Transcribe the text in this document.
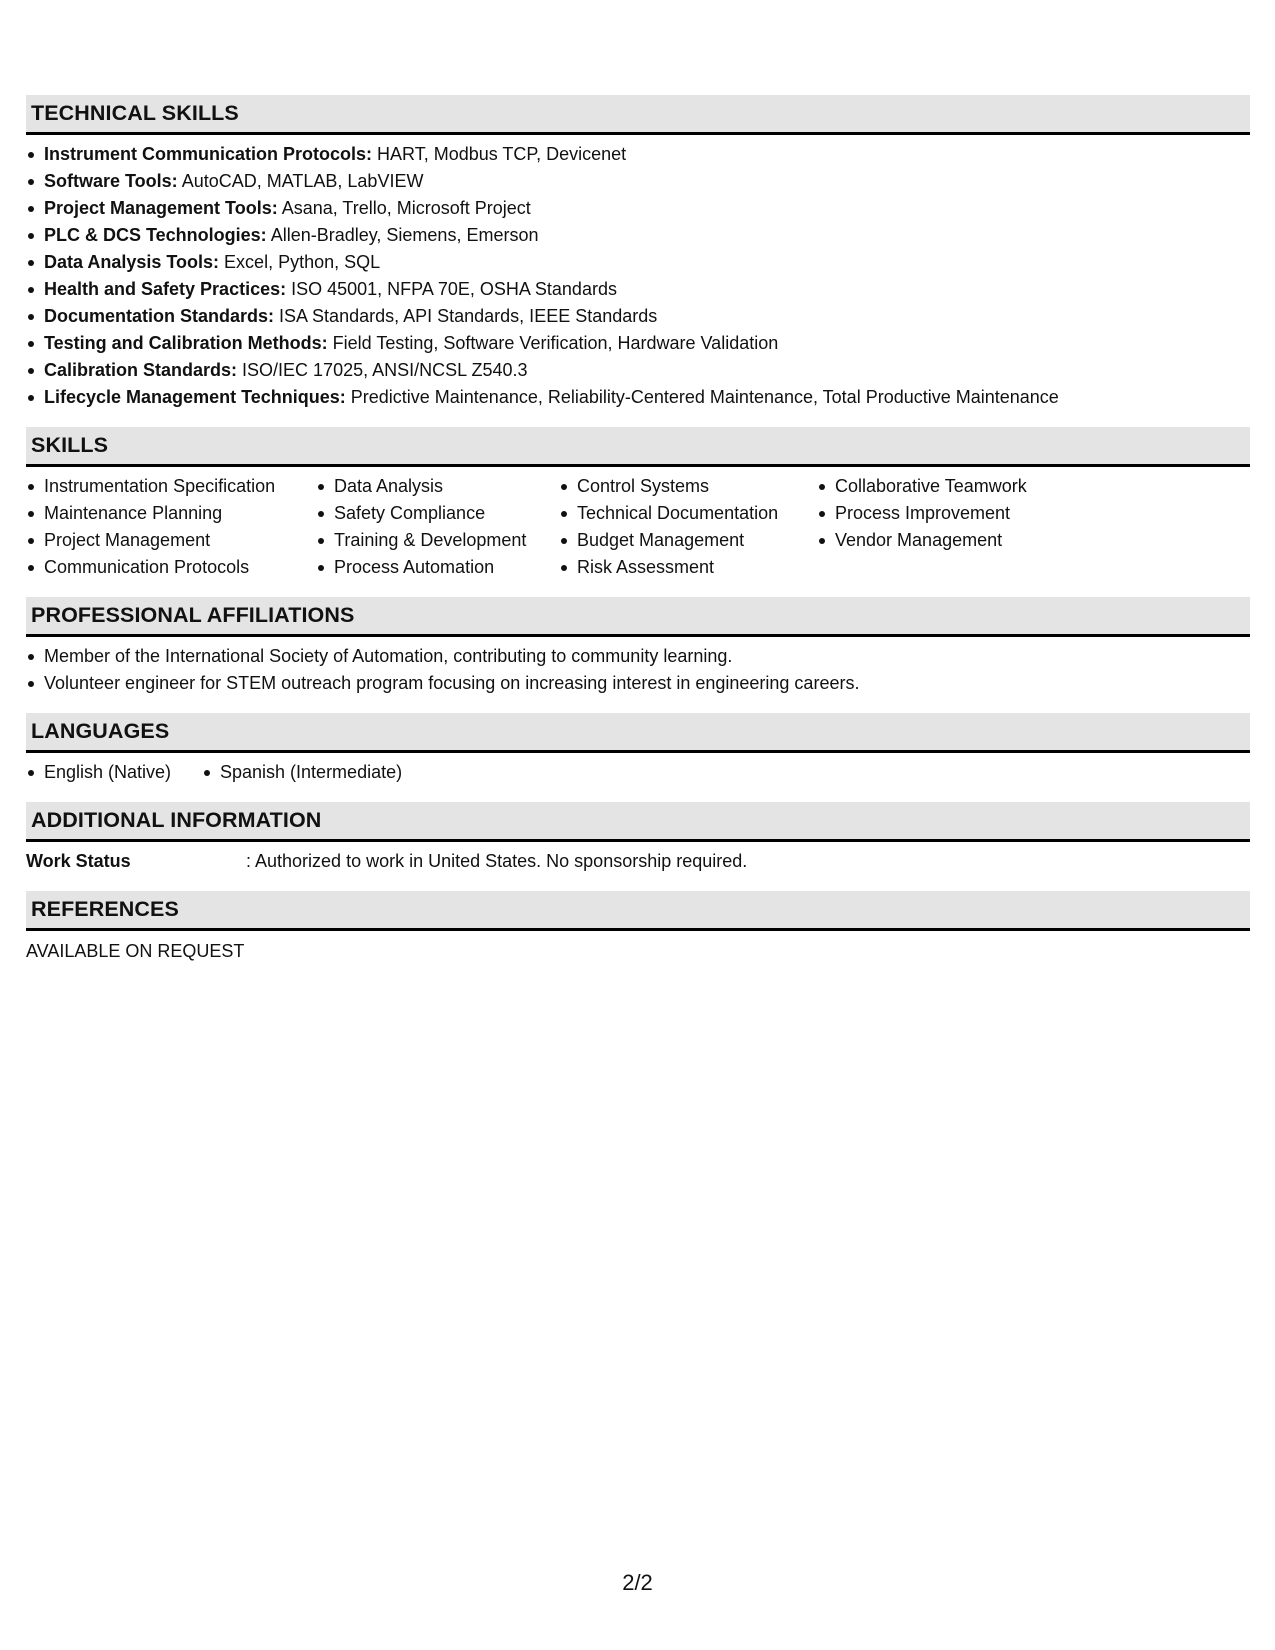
TECHNICAL SKILLS
Instrument Communication Protocols: HART, Modbus TCP, Devicenet
Software Tools: AutoCAD, MATLAB, LabVIEW
Project Management Tools: Asana, Trello, Microsoft Project
PLC & DCS Technologies: Allen-Bradley, Siemens, Emerson
Data Analysis Tools: Excel, Python, SQL
Health and Safety Practices: ISO 45001, NFPA 70E, OSHA Standards
Documentation Standards: ISA Standards, API Standards, IEEE Standards
Testing and Calibration Methods: Field Testing, Software Verification, Hardware Validation
Calibration Standards: ISO/IEC 17025, ANSI/NCSL Z540.3
Lifecycle Management Techniques: Predictive Maintenance, Reliability-Centered Maintenance, Total Productive Maintenance
SKILLS
Instrumentation Specification
Maintenance Planning
Project Management
Communication Protocols
Data Analysis
Safety Compliance
Training & Development
Process Automation
Control Systems
Technical Documentation
Budget Management
Risk Assessment
Collaborative Teamwork
Process Improvement
Vendor Management
PROFESSIONAL AFFILIATIONS
Member of the International Society of Automation, contributing to community learning.
Volunteer engineer for STEM outreach program focusing on increasing interest in engineering careers.
LANGUAGES
English (Native)	Spanish (Intermediate)
ADDITIONAL INFORMATION
Work Status	: Authorized to work in United States. No sponsorship required.
REFERENCES
AVAILABLE ON REQUEST
2/2
